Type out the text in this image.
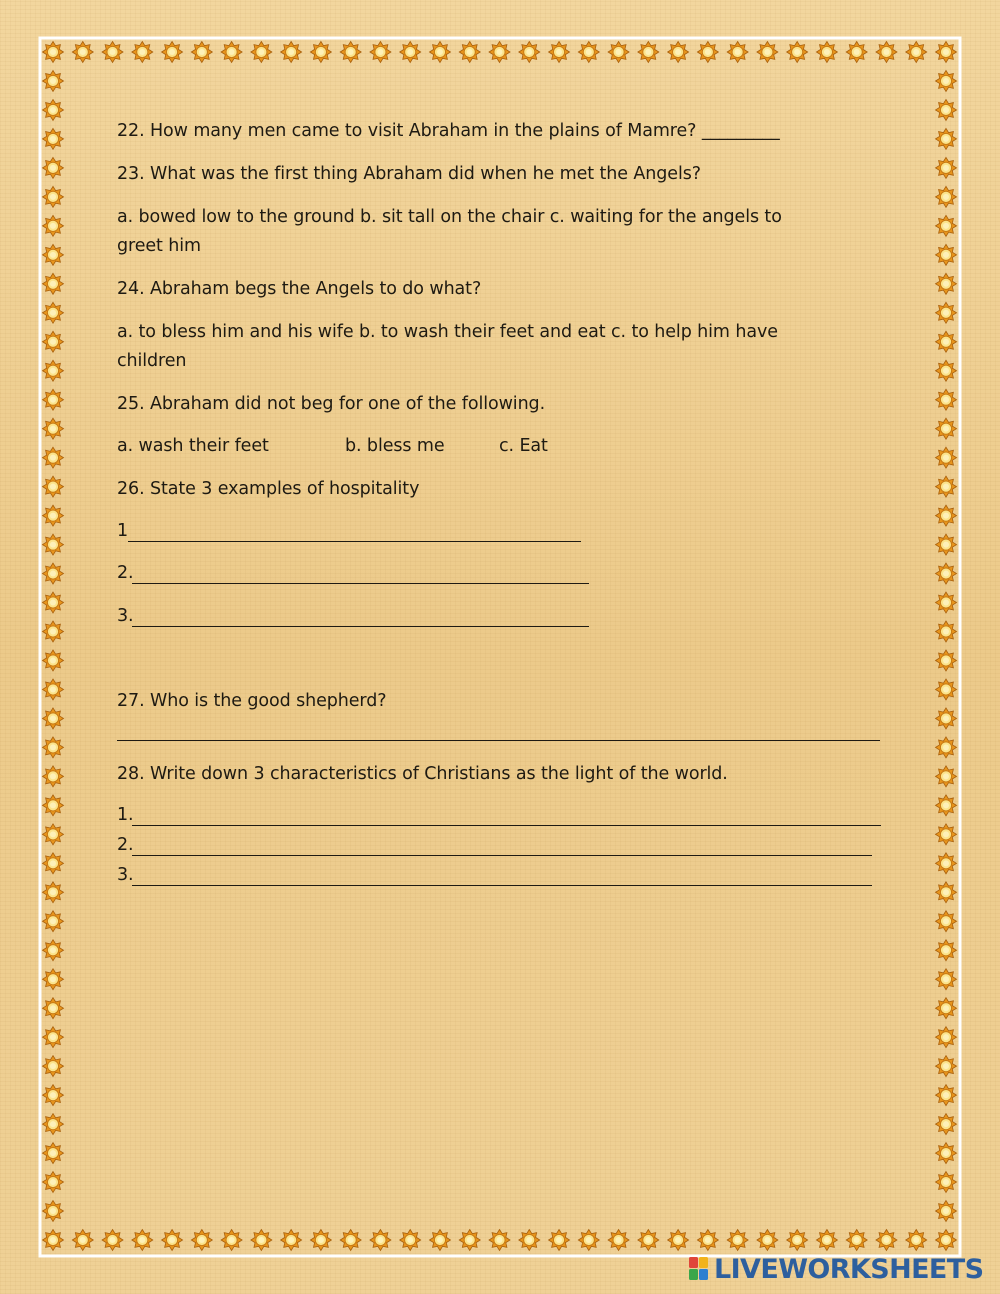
22. How many men came to visit Abraham in the plains of Mamre? _________
23. What was the first thing Abraham did when he met the Angels?
a. bowed low to the ground b. sit tall on the chair c. waiting for the angels to
greet him
24. Abraham begs the Angels to do what?
a. to bless him and his wife b. to wash their feet and eat c. to help him have
children
25. Abraham did not beg for one of the following.
a. wash their feet	b. bless me	c. Eat
26. State 3 examples of hospitality
1
2.
3.
27. Who is the good shepherd?
28. Write down 3 characteristics of Christians as the light of the world.
1.
2.
3.
LIVEWORKSHEETS
